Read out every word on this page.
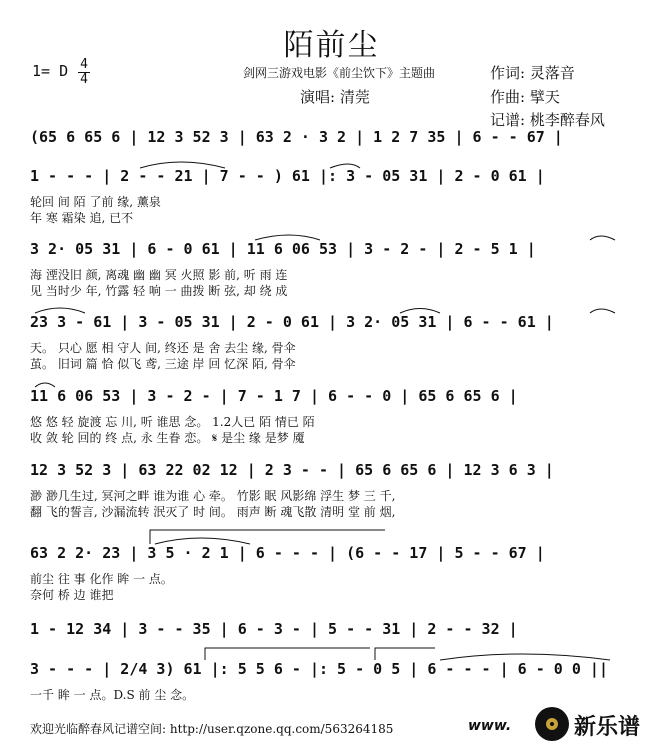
陌前尘
1= D $\frac{4}{4}$	剑网三游戏电影《前尘饮下》主题曲	作词: 灵落音
演唱: 清莞	作曲: 擘天
记谱: 桃李醉春风
(65 6 65 6 | 12 3 52 3 | 63 2 · 3 2 | 1 2 7 35 | 6 - - 67 |
1 - - - | 2 - - 21 | 7 - - ) 61 |: 3 - 05 31 | 2 - 0 61 |
轮回 间 陌 了前 缘, 薰泉
年 寒 霜染 追, 已不
3 2· 05 31 | 6 - 0 61 | 11 6 06 53 | 3 - 2 - | 2 - 5 1 |
海 湮没旧 颜, 离魂 幽 幽 冥 火照 影 前, 听 雨 连
见 当时少 年, 竹露 轻 响 一 曲拨 断 弦, 却 绕 成
23 3 - 61 | 3 - 05 31 | 2 - 0 61 | 3 2· 05 31 | 6 - - 61 |
天。 只心 愿 相 守人 间, 终还 是 舍 去尘 缘, 骨伞
茧。 旧词 篇 恰 似飞 鸢, 三途 岸 回 忆深 陌, 骨伞
11 6 06 53 | 3 - 2 - | 7 - 1 7 | 6 - - 0 | 65 6 65 6 |
悠 悠 轻 旋渡 忘 川, 听 谁思 念。 1.2人已 陌 情已 陌
收 敛 轮 回的 终 点, 永 生眷 恋。 𝄋 是尘 缘 是梦 魇
12 3 52 3 | 63 22 02 12 | 2 3 - - | 65 6 65 6 | 12 3 6 3 |
渺 渺几生过, 冥河之畔 谁为谁 心 牵。 竹影 眠 风影绵 浮生 梦 三 千,
翻 飞的誓言, 沙漏流转 泯灭了 时 间。 雨声 断 魂飞散 清明 堂 前 烟,
63 2 2· 23 | 3 5 · 2 1 | 6 - - - | (6 - - 17 | 5 - - 67 |
前尘 往 事 化作 眸 一 点。
奈何 桥 边 谁把
1 - 12 34 | 3 - - 35 | 6 - 3 - | 5 - - 31 | 2 - - 32 |
3 - - - | 2/4 3) 61 |: 5 5 6 - |: 5 - 0 5 | 6 - - - | 6 - 0 0 ||
一千 眸 一 点。D.S 前 尘 念。
欢迎光临醉春风记谱空间: http://user.qzone.qq.com/563264185	www.	新乐谱
